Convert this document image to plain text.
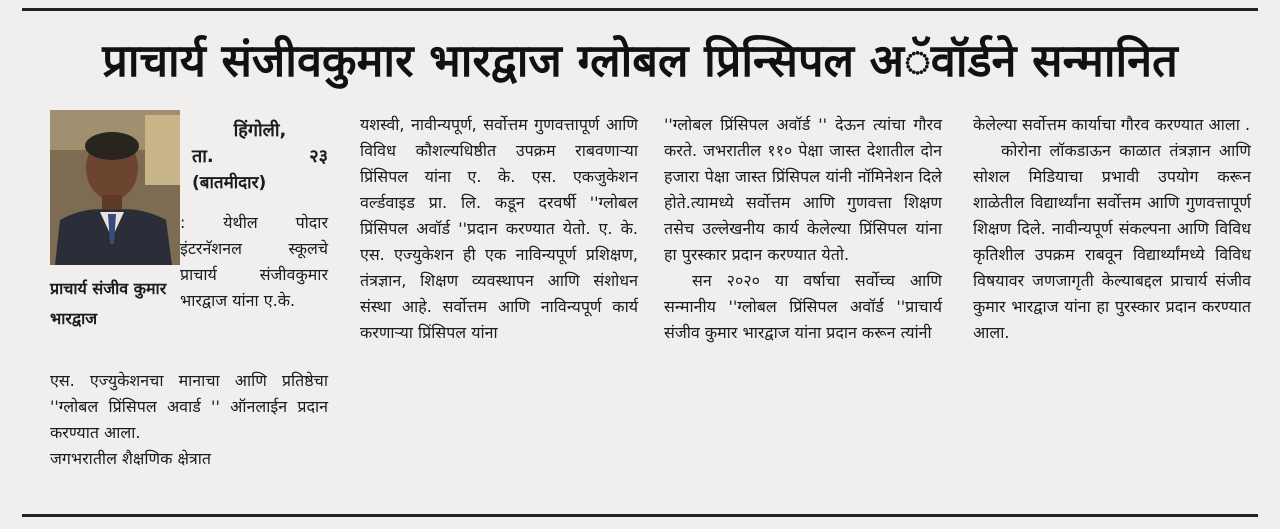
प्राचार्य संजीवकुमार भारद्वाज ग्लोबल प्रिन्सिपल अॅवॉर्डने सन्मानित
हिंगोली,
ता.	२३
(बातमीदार)

: येथील पोदार इंटरनॅशनल स्कूलचे प्राचार्य संजीवकुमार भारद्वाज यांना ए.के.

प्राचार्य संजीव कुमार भारद्वाज

एस. एज्युकेशनचा मानाचा आणि प्रतिष्ठेचा ''ग्लोबल प्रिंसिपल अवार्ड '' ऑनलाईन प्रदान करण्यात आला.

जगभरातील शैक्षणिक क्षेत्रात

यशस्वी, नावीन्यपूर्ण, सर्वोत्तम गुणवत्तापूर्ण आणि विविध कौशल्यधिष्ठीत उपक्रम राबवणाऱ्या प्रिंसिपल यांना ए. के. एस. एकजुकेशन वर्ल्डवाइड प्रा. लि. कडून दरवर्षी ''ग्लोबल प्रिंसिपल अवॉर्ड ''प्रदान करण्यात येतो. ए. के. एस. एज्युकेशन ही एक नाविन्यपूर्ण प्रशिक्षण, तंत्रज्ञान, शिक्षण व्यवस्थापन आणि संशोधन संस्था आहे. सर्वोत्तम आणि नाविन्यपूर्ण कार्य करणाऱ्या प्रिंसिपल यांना

''ग्लोबल प्रिंसिपल अवॉर्ड '' देऊन त्यांचा गौरव करते. जभरातील ११० पेक्षा जास्त देशातील दोन हजारा पेक्षा जास्त प्रिंसिपल यांनी नॉमिनेशन दिले होते.त्यामध्ये सर्वोत्तम आणि गुणवत्ता शिक्षण तसेच उल्लेखनीय कार्य केलेल्या प्रिंसिपल यांना हा पुरस्कार प्रदान करण्यात येतो.

सन २०२० या वर्षाचा सर्वोच्च आणि सन्मानीय ''ग्लोबल प्रिंसिपल अवॉर्ड ''प्राचार्य संजीव कुमार भारद्वाज यांना प्रदान करून त्यांनी

केलेल्या सर्वोत्तम कार्याचा गौरव करण्यात आला .

कोरोना लॉकडाऊन काळात तंत्रज्ञान आणि सोशल मिडियाचा प्रभावी उपयोग करून शाळेतील विद्यार्थ्यांना सर्वोत्तम आणि गुणवत्तापूर्ण शिक्षण दिले. नावीन्यपूर्ण संकल्पना आणि विविध कृतिशील उपक्रम राबवून विद्यार्थ्यांमध्ये विविध विषयावर जणजागृती केल्याबद्दल प्राचार्य संजीव कुमार भारद्वाज यांना हा पुरस्कार प्रदान करण्यात आला.
